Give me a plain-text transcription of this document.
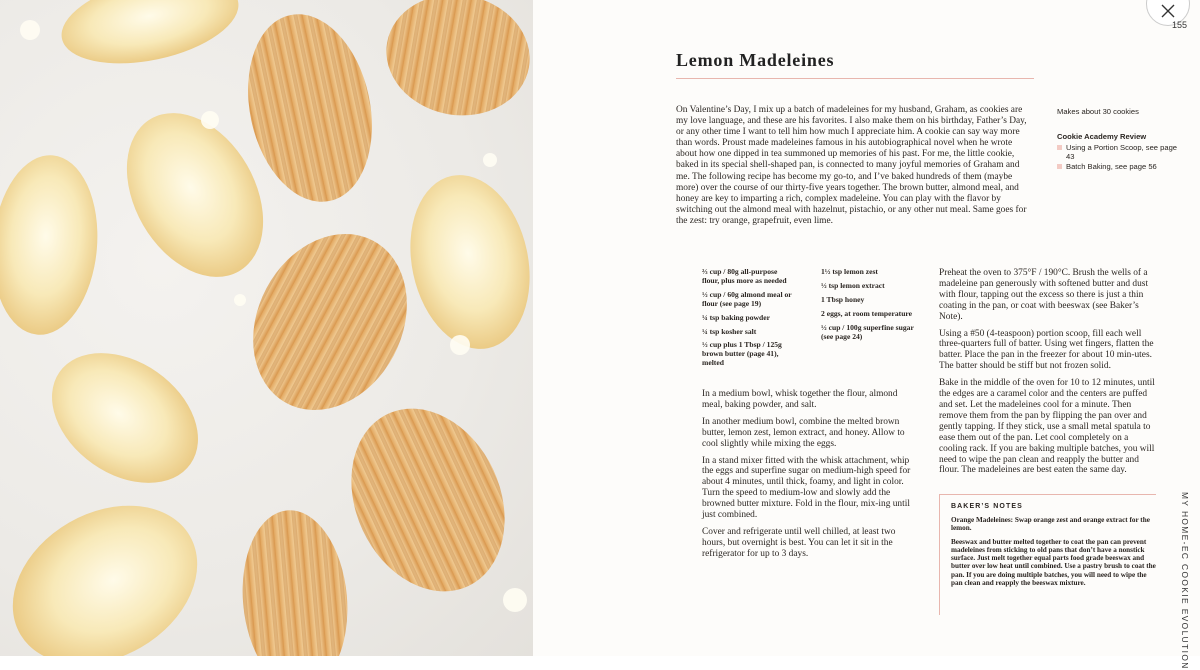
155
Lemon Madeleines
On Valentine’s Day, I mix up a batch of madeleines for my husband, Graham, as cookies are my love language, and these are his favorites. I also make them on his birthday, Father’s Day, or any other time I want to tell him how much I appreciate him. A cookie can say way more than words. Proust made madeleines famous in his autobiographical novel when he wrote about how one dipped in tea summoned up memories of his past. For me, the little cookie, baked in its special shell-shaped pan, is connected to many joyful memories of Graham and me. The following recipe has become my go-to, and I’ve baked hundreds of them (maybe more) over the course of our thirty-five years together. The brown butter, almond meal, and honey are key to imparting a rich, complex madeleine. You can play with the flavor by switching out the almond meal with hazelnut, pistachio, or any other nut meal. Same goes for the zest: try orange, grapefruit, even lime.
Makes about 30 cookies
Cookie Academy Review
Using a Portion Scoop, see page 43
Batch Baking, see page 56
⅔ cup / 80g all-purpose flour, plus more as needed
½ cup / 60g almond meal or flour (see page 19)
¼ tsp baking powder
¼ tsp kosher salt
½ cup plus 1 Tbsp / 125g brown butter (page 41), melted
1½ tsp lemon zest
½ tsp lemon extract
1 Tbsp honey
2 eggs, at room temperature
½ cup / 100g superfine sugar (see page 24)

In a medium bowl, whisk together the flour, almond meal, baking powder, and salt.

In another medium bowl, combine the melted brown butter, lemon zest, lemon extract, and honey. Allow to cool slightly while mixing the eggs.

In a stand mixer fitted with the whisk attachment, whip the eggs and superfine sugar on medium-high speed for about 4 minutes, until thick, foamy, and light in color. Turn the speed to medium-low and slowly add the browned butter mixture. Fold in the flour, mix-ing until just combined.

Cover and refrigerate until well chilled, at least two hours, but overnight is best. You can let it sit in the refrigerator for up to 3 days.

Preheat the oven to 375°F / 190°C. Brush the wells of a madeleine pan generously with softened butter and dust with flour, tapping out the excess so there is just a thin coating in the pan, or coat with beeswax (see Baker’s Note).

Using a #50 (4-teaspoon) portion scoop, fill each well three-quarters full of batter. Using wet fingers, flatten the batter. Place the pan in the freezer for about 10 min-utes. The batter should be stiff but not frozen solid.

Bake in the middle of the oven for 10 to 12 minutes, until the edges are a caramel color and the centers are puffed and set. Let the madeleines cool for a minute. Then remove them from the pan by flipping the pan over and gently tapping. If they stick, use a small metal spatula to ease them out of the pan. Let cool completely on a cooling rack. If you are baking multiple batches, you will need to wipe the pan clean and reapply the butter and flour. The madeleines are best eaten the same day.

BAKER’S NOTES

Orange Madeleines: Swap orange zest and orange extract for the lemon.

Beeswax and butter melted together to coat the pan can prevent madeleines from sticking to old pans that don’t have a nonstick surface. Just melt together equal parts food grade beeswax and butter over low heat until combined. Use a pastry brush to coat the pan. If you are doing multiple batches, you will need to wipe the pan clean and reapply the beeswax mixture.	MY HOME-EC COOKIE EVOLUTION
